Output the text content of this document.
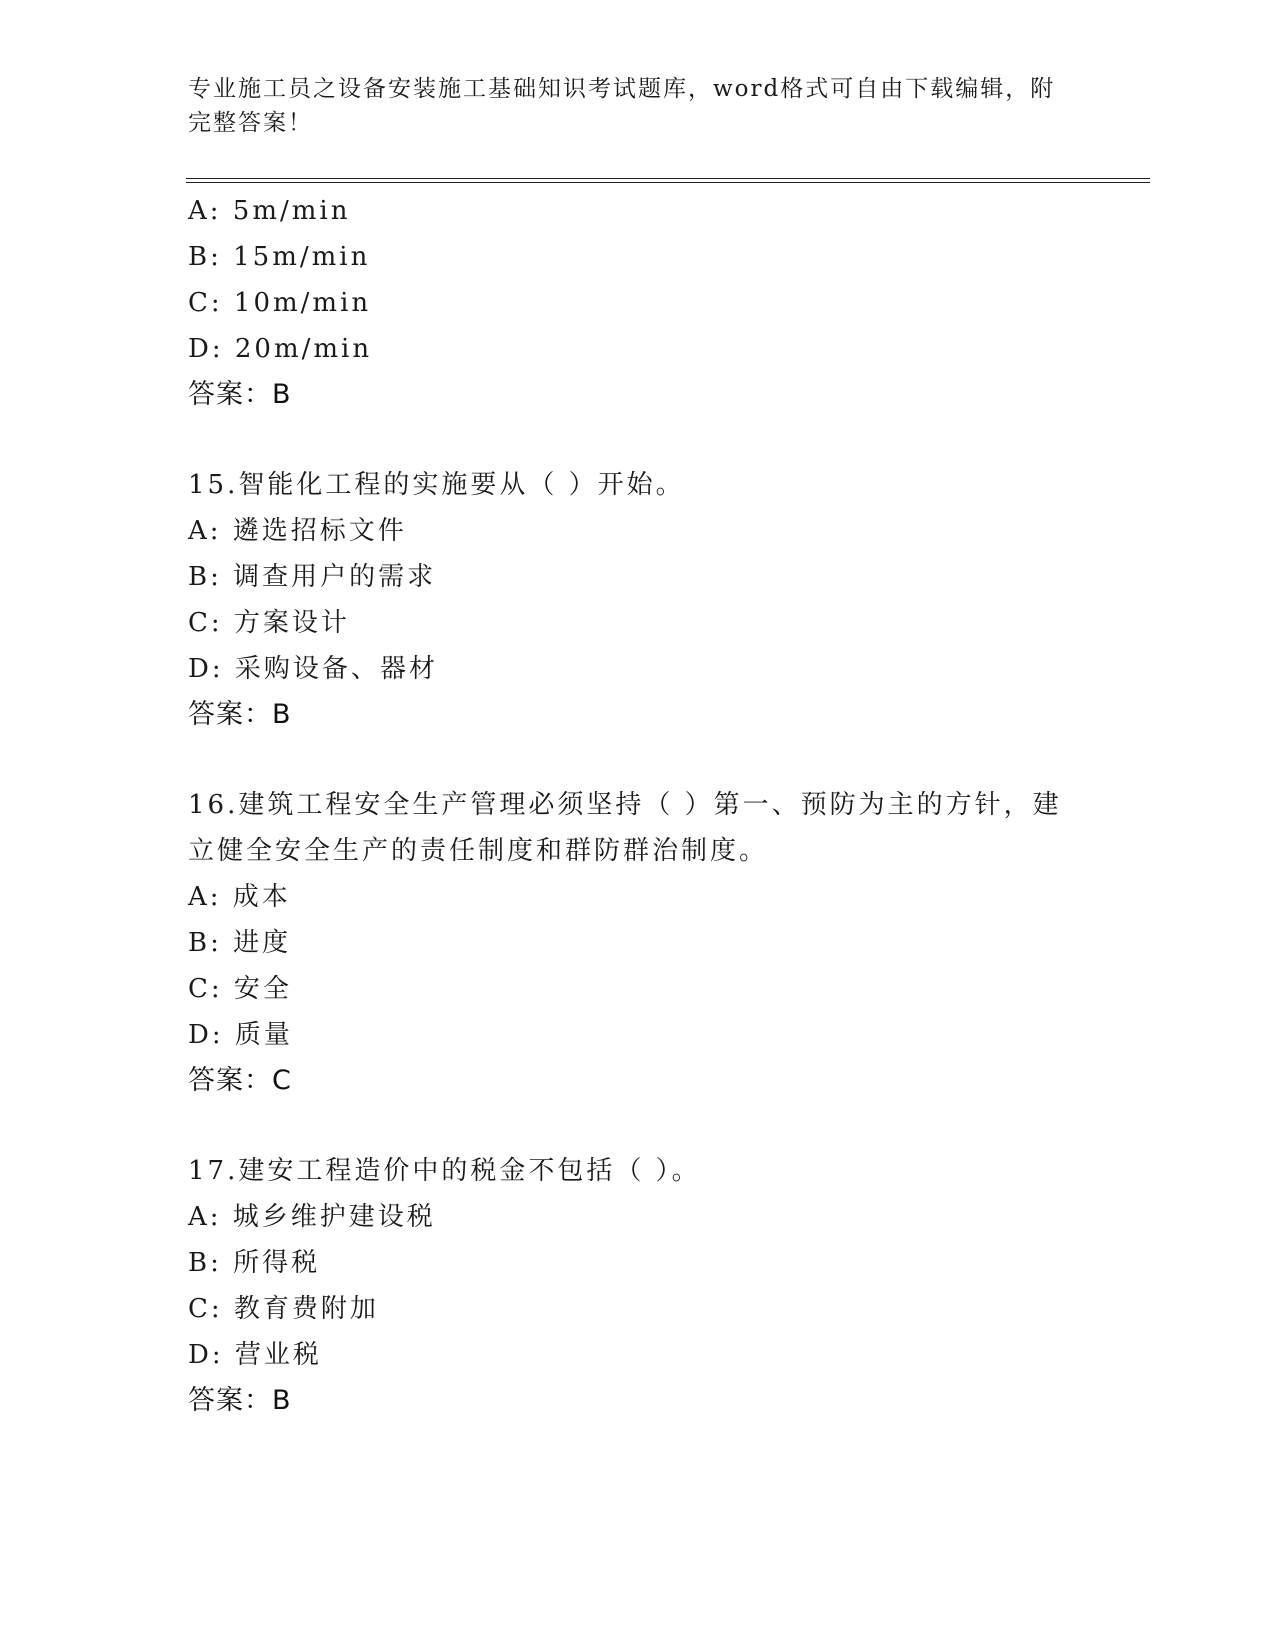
专业施工员之设备安装施工基础知识考试题库，word格式可自由下载编辑，附完整答案！
A: 5m/min
B: 15m/min
C: 10m/min
D: 20m/min
答案：B
15.智能化工程的实施要从（ ）开始。
A: 遴选招标文件
B: 调查用户的需求
C: 方案设计
D: 采购设备、器材
答案：B
16.建筑工程安全生产管理必须坚持（ ）第一、预防为主的方针，建立健全安全生产的责任制度和群防群治制度。
A: 成本
B: 进度
C: 安全
D: 质量
答案：C
17.建安工程造价中的税金不包括（ ）。
A: 城乡维护建设税
B: 所得税
C: 教育费附加
D: 营业税
答案：B
